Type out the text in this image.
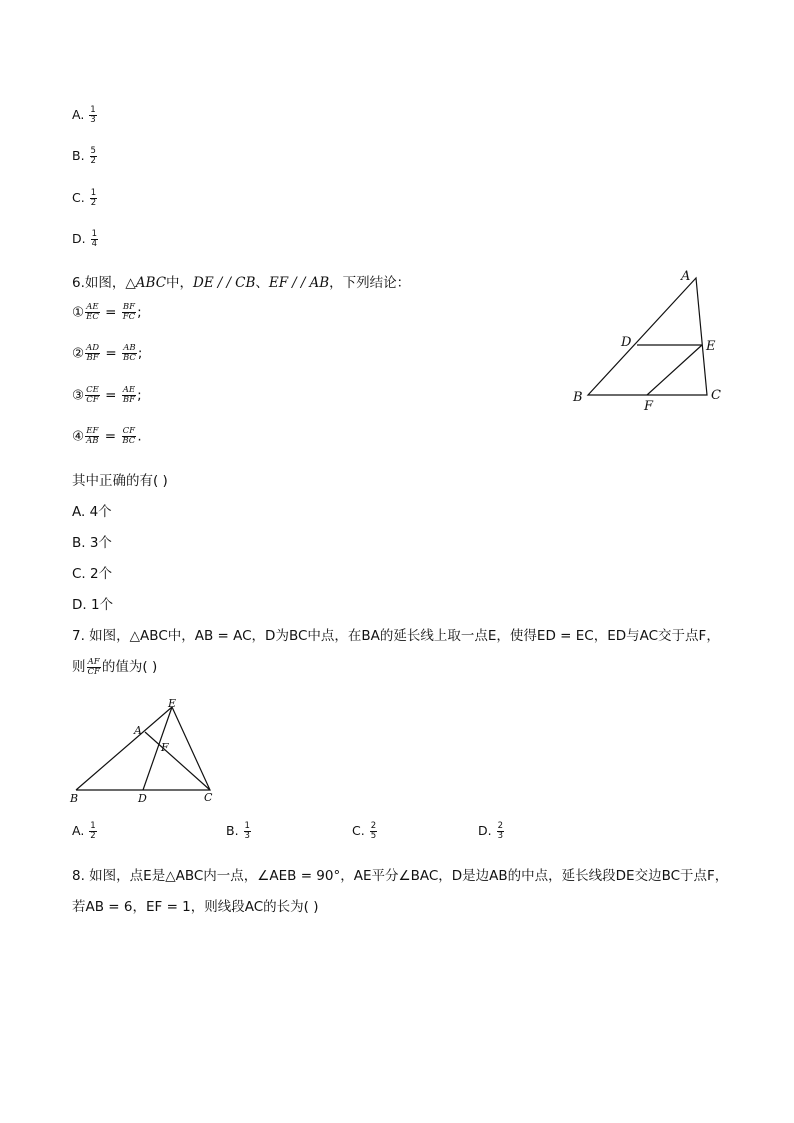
A. $\frac{1}{3}$
B. $\frac{5}{2}$
C. $\frac{1}{2}$
D. $\frac{1}{4}$
6.如图，△ABC中，DE / / CB、EF / / AB，下列结论：
① $\frac{AE}{EC} = \frac{BF}{FC}$ ;
② $\frac{AD}{BF} = \frac{AB}{BC}$ ;
③ $\frac{CE}{CF} = \frac{AE}{BF}$ ;
④ $\frac{EF}{AB} = \frac{CF}{BC}$ .
其中正确的有( )
A. 4个
B. 3个
C. 2个
D. 1个
A
B	C
D	E
F
7. 如图，△ABC中，AB = AC，D为BC中点，在BA的延长线上取一点E，使得ED = EC，ED与AC交于点F，
则 $\frac{AF}{CF}$ 的值为( )
E
A
F
B	D	C
A. $\frac{1}{2}$	B. $\frac{1}{3}$	C. $\frac{2}{5}$	D. $\frac{2}{3}$
8. 如图，点E是△ABC内一点，∠AEB = 90°，AE平分∠BAC，D是边AB的中点，延长线段DE交边BC于点F，
若AB = 6，EF = 1，则线段AC的长为( )
